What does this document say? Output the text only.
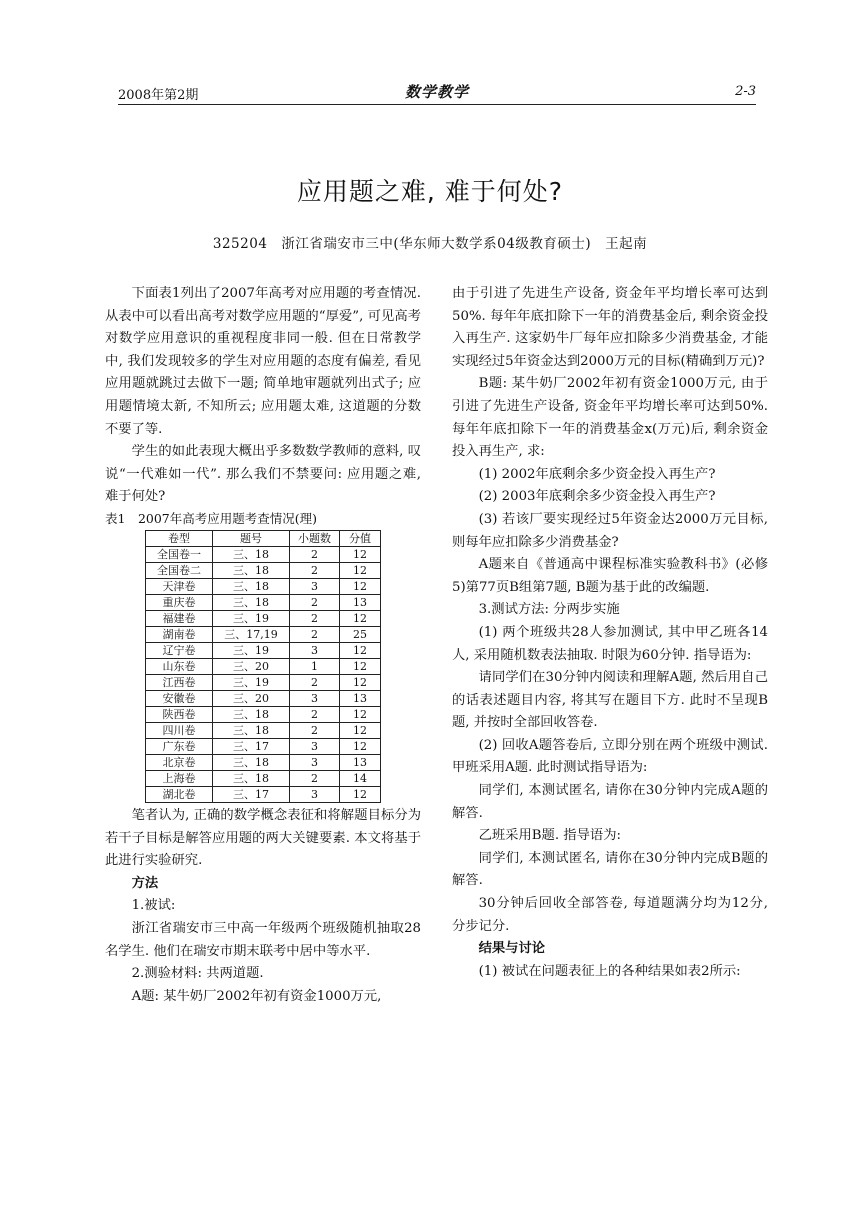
2008年第2期	数学教学	2-3
应用题之难, 难于何处?
325204　浙江省瑞安市三中(华东师大数学系04级教育硕士)　王起南

下面表1列出了2007年高考对应用题的考查情况. 从表中可以看出高考对数学应用题的“厚爱”, 可见高考对数学应用意识的重视程度非同一般. 但在日常教学中, 我们发现较多的学生对应用题的态度有偏差, 看见应用题就跳过去做下一题; 简单地审题就列出式子; 应用题情境太新, 不知所云; 应用题太难, 这道题的分数不要了等.

学生的如此表现大概出乎多数数学教师的意料, 叹说“一代难如一代”. 那么我们不禁要问: 应用题之难, 难于何处?

表1　2007年高考应用题考查情况(理)

卷型	题号	小题数	分值
全国卷一	三、18	2	12
全国卷二	三、18	2	12
天津卷	三、18	3	12
重庆卷	三、18	2	13
福建卷	三、19	2	12
湖南卷	三、17,19	2	25
辽宁卷	三、19	3	12
山东卷	三、20	1	12
江西卷	三、19	2	12
安徽卷	三、20	3	13
陕西卷	三、18	2	12
四川卷	三、18	2	12
广东卷	三、17	3	12
北京卷	三、18	3	13
上海卷	三、18	2	14
湖北卷	三、17	3	12

笔者认为, 正确的数学概念表征和将解题目标分为若干子目标是解答应用题的两大关键要素. 本文将基于此进行实验研究.

方法

1.被试:

浙江省瑞安市三中高一年级两个班级随机抽取28名学生. 他们在瑞安市期末联考中居中等水平.

2.测验材料: 共两道题.

A题: 某牛奶厂2002年初有资金1000万元,

由于引进了先进生产设备, 资金年平均增长率可达到50%. 每年年底扣除下一年的消费基金后, 剩余资金投入再生产. 这家奶牛厂每年应扣除多少消费基金, 才能实现经过5年资金达到2000万元的目标(精确到万元)?

B题: 某牛奶厂2002年初有资金1000万元, 由于引进了先进生产设备, 资金年平均增长率可达到50%. 每年年底扣除下一年的消费基金x(万元)后, 剩余资金投入再生产, 求:

(1) 2002年底剩余多少资金投入再生产?

(2) 2003年底剩余多少资金投入再生产?

(3) 若该厂要实现经过5年资金达2000万元目标, 则每年应扣除多少消费基金?

A题来自《普通高中课程标准实验教科书》(必修5)第77页B组第7题, B题为基于此的改编题.

3.测试方法: 分两步实施

(1) 两个班级共28人参加测试, 其中甲乙班各14人, 采用随机数表法抽取. 时限为60分钟. 指导语为:

请同学们在30分钟内阅读和理解A题, 然后用自己的话表述题目内容, 将其写在题目下方. 此时不呈现B题, 并按时全部回收答卷.

(2) 回收A题答卷后, 立即分别在两个班级中测试. 甲班采用A题. 此时测试指导语为:

同学们, 本测试匿名, 请你在30分钟内完成A题的解答.

乙班采用B题. 指导语为:

同学们, 本测试匿名, 请你在30分钟内完成B题的解答.

30分钟后回收全部答卷, 每道题满分均为12分, 分步记分.

结果与讨论

(1) 被试在问题表征上的各种结果如表2所示:
